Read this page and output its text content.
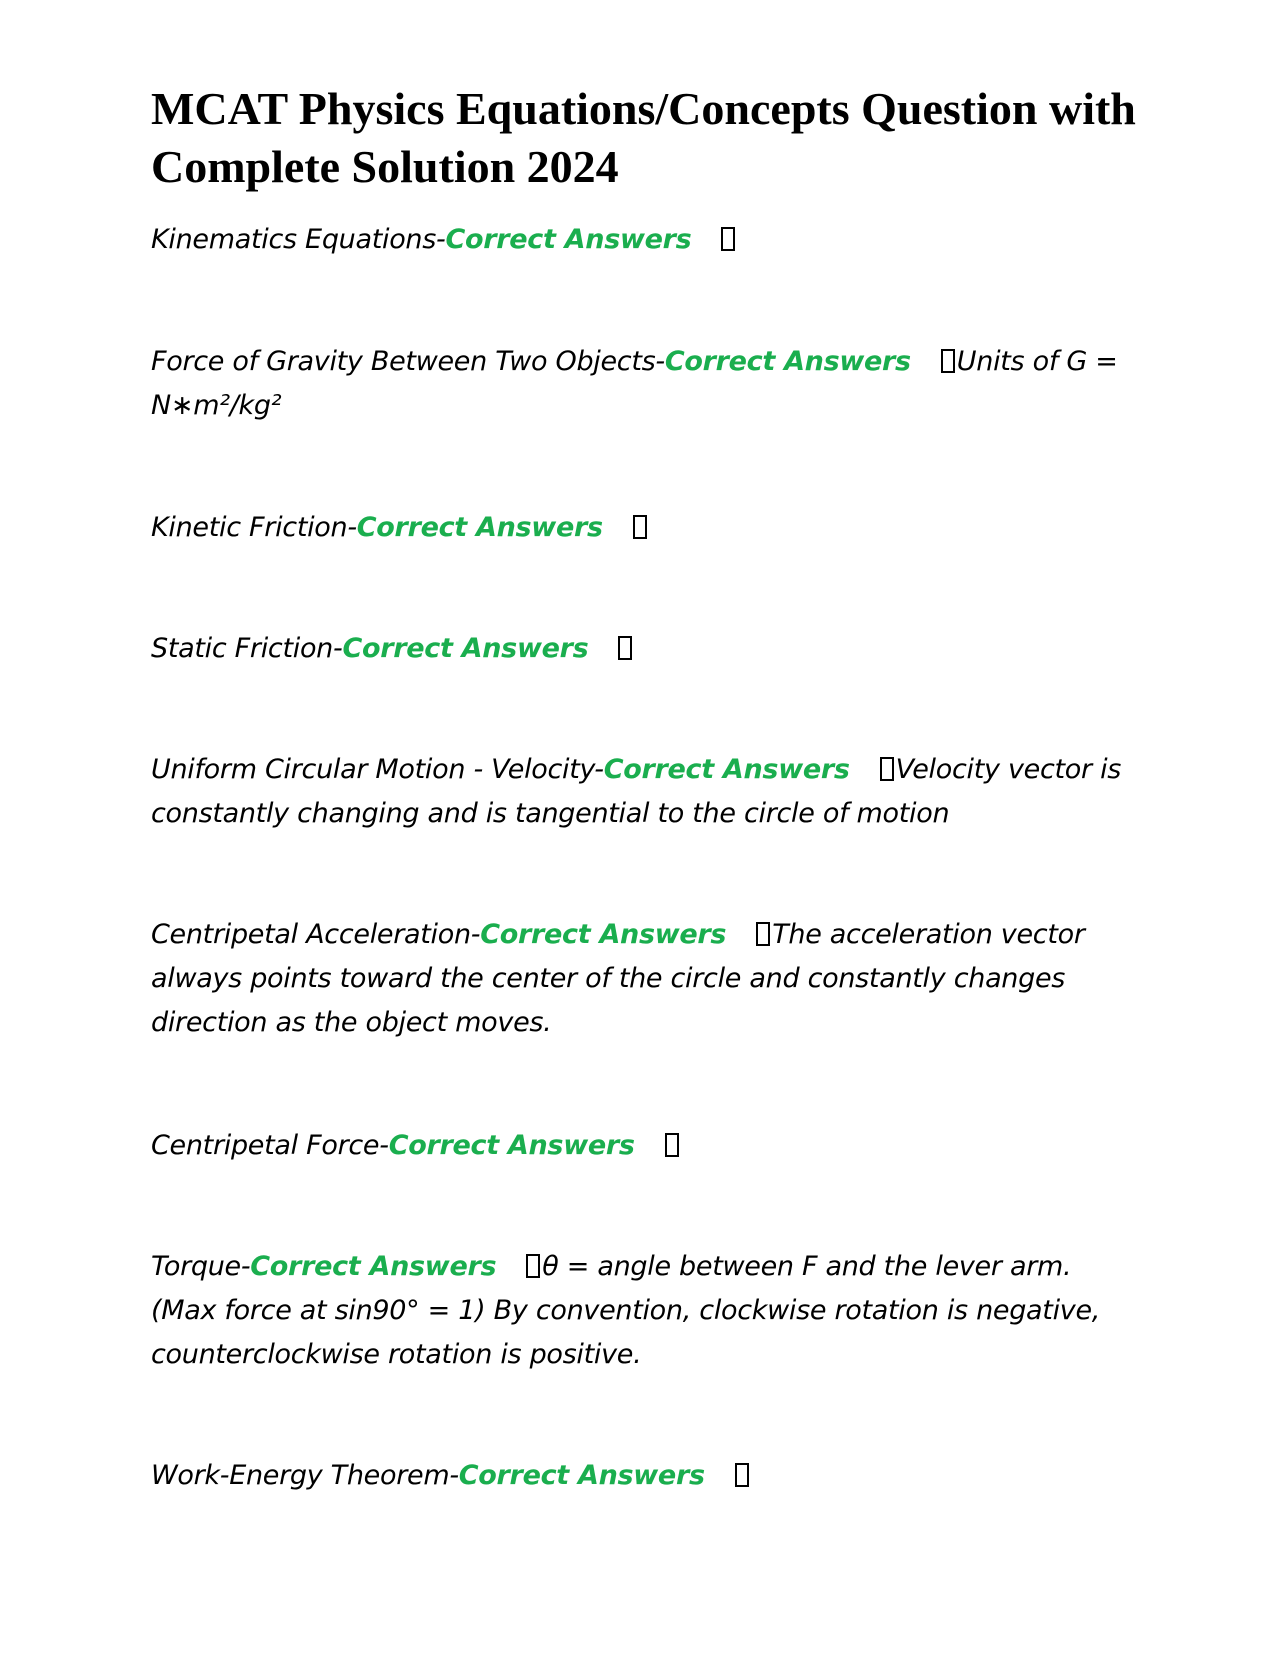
MCAT Physics Equations/Concepts Question with Complete Solution 2024

Kinematics Equations-Correct Answers

Force of Gravity Between Two Objects-Correct Answers Units of G = N∗m²/kg²

Kinetic Friction-Correct Answers

Static Friction-Correct Answers

Uniform Circular Motion - Velocity-Correct Answers Velocity vector is constantly changing and is tangential to the circle of motion

Centripetal Acceleration-Correct Answers The acceleration vector always points toward the center of the circle and constantly changes direction as the object moves.

Centripetal Force-Correct Answers

Torque-Correct Answers θ = angle between F and the lever arm. (Max force at sin90° = 1) By convention, clockwise rotation is negative, counterclockwise rotation is positive.

Work-Energy Theorem-Correct Answers
